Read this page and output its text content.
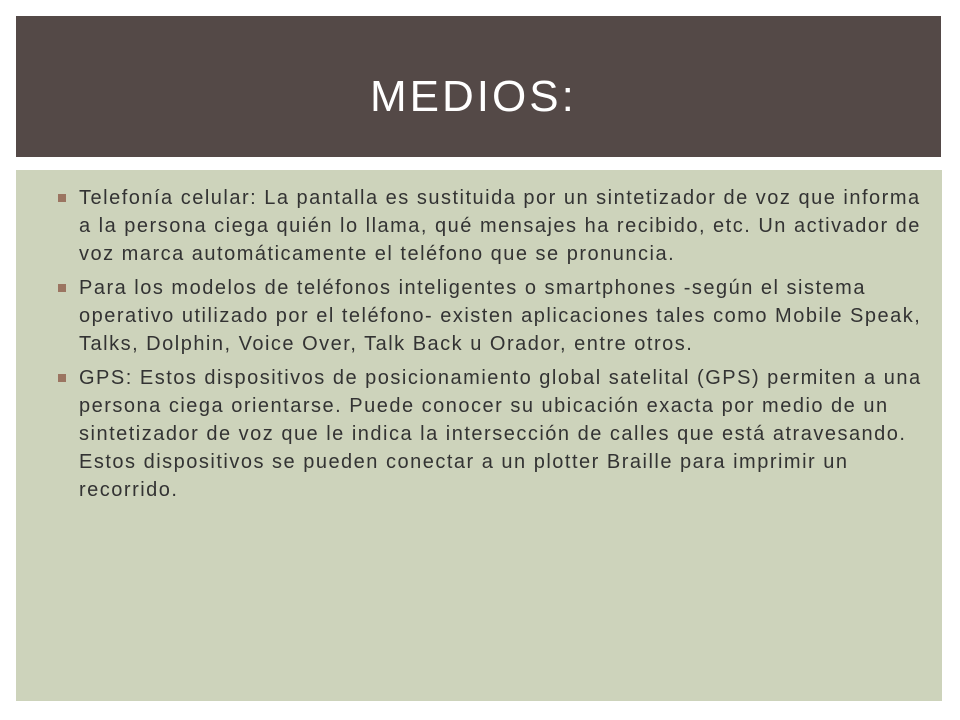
MEDIOS:
Telefonía celular: La pantalla es sustituida por un sintetizador de voz que informa a la persona ciega quién lo llama, qué mensajes ha recibido, etc. Un activador de voz marca automáticamente el teléfono que se pronuncia.
Para los modelos de teléfonos inteligentes o smartphones -según el sistema operativo utilizado por el teléfono- existen aplicaciones tales como Mobile Speak, Talks, Dolphin, Voice Over, Talk Back u Orador, entre otros.
GPS: Estos dispositivos de posicionamiento global satelital (GPS) permiten a una persona ciega orientarse. Puede conocer su ubicación exacta por medio de un sintetizador de voz que le indica la intersección de calles que está atravesando. Estos dispositivos se pueden conectar a un plotter Braille para imprimir un recorrido.
